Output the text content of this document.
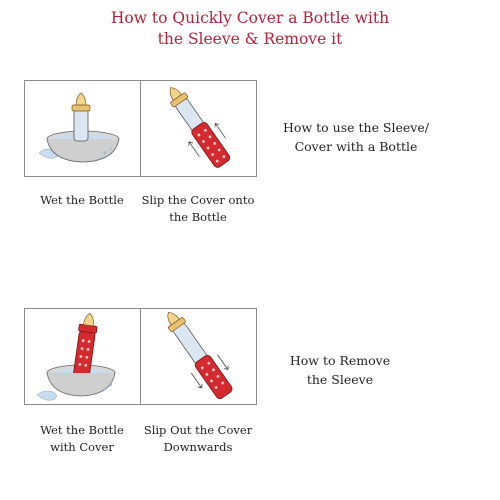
How to Quickly Cover a Bottle with
the Sleeve & Remove it
Wet the Bottle	Slip the Cover onto
the Bottle
How to use the Sleeve/
Cover with a Bottle
Wet the Bottle
with Cover
Slip Out the Cover
Downwards
How to Remove
the Sleeve
